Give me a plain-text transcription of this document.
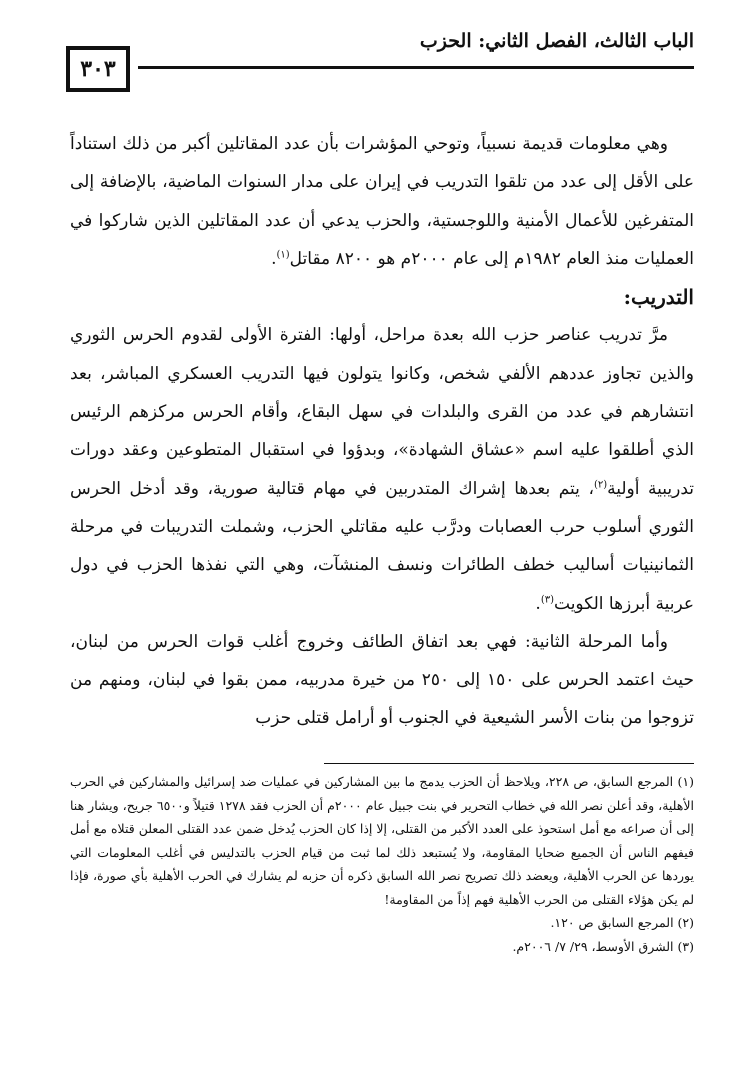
الباب الثالث، الفصل الثاني: الحزب
٣٠٣

وهي معلومات قديمة نسبياً، وتوحي المؤشرات بأن عدد المقاتلين أكبر من ذلك استناداً على الأقل إلى عدد من تلقوا التدريب في إيران على مدار السنوات الماضية، بالإضافة إلى المتفرغين للأعمال الأمنية واللوجستية، والحزب يدعي أن عدد المقاتلين الذين شاركوا في العمليات منذ العام ١٩٨٢م إلى عام ٢٠٠٠م هو ٨٢٠٠ مقاتل$^{(١)}$.

التدريب:

مرَّ تدريب عناصر حزب الله بعدة مراحل، أولها: الفترة الأولى لقدوم الحرس الثوري والذين تجاوز عددهم الألفي شخص، وكانوا يتولون فيها التدريب العسكري المباشر، بعد انتشارهم في عدد من القرى والبلدات في سهل البقاع، وأقام الحرس مركزهم الرئيس الذي أطلقوا عليه اسم «عشاق الشهادة»، وبدؤوا في استقبال المتطوعين وعقد دورات تدريبية أولية$^{(٢)}$، يتم بعدها إشراك المتدربين في مهام قتالية صورية، وقد أدخل الحرس الثوري أسلوب حرب العصابات ودرَّب عليه مقاتلي الحزب، وشملت التدريبات في مرحلة الثمانينيات أساليب خطف الطائرات ونسف المنشآت، وهي التي نفذها الحزب في دول عربية أبرزها الكويت$^{(٣)}$.

وأما المرحلة الثانية: فهي بعد اتفاق الطائف وخروج أغلب قوات الحرس من لبنان، حيث اعتمد الحرس على ١٥٠ إلى ٢٥٠ من خيرة مدربيه، ممن بقوا في لبنان، ومنهم من تزوجوا من بنات الأسر الشيعية في الجنوب أو أرامل قتلى حزب

(١) المرجع السابق، ص ٢٢٨، ويلاحظ أن الحزب يدمج ما بين المشاركين في عمليات ضد إسرائيل والمشاركين في الحرب الأهلية، وقد أعلن نصر الله في خطاب التحرير في بنت جبيل عام ٢٠٠٠م أن الحزب فقد ١٢٧٨ قتيلاً و٦٥٠٠ جريح، ويشار هنا إلى أن صراعه مع أمل استحوذ على العدد الأكبر من القتلى، إلا إذا كان الحزب يُدخل ضمن عدد القتلى المعلن قتلاه مع أمل فيفهم الناس أن الجميع ضحايا المقاومة، ولا يُستبعد ذلك لما ثبت من قيام الحزب بالتدليس في أغلب المعلومات التي يوردها عن الحرب الأهلية، ويعضد ذلك تصريح نصر الله السابق ذكره أن حزبه لم يشارك في الحرب الأهلية بأي صورة، فإذا لم يكن هؤلاء القتلى من الحرب الأهلية فهم إذاً من المقاومة!

(٢) المرجع السابق ص ١٢٠.

(٣) الشرق الأوسط، ٢٩/ ٧/ ٢٠٠٦م.
